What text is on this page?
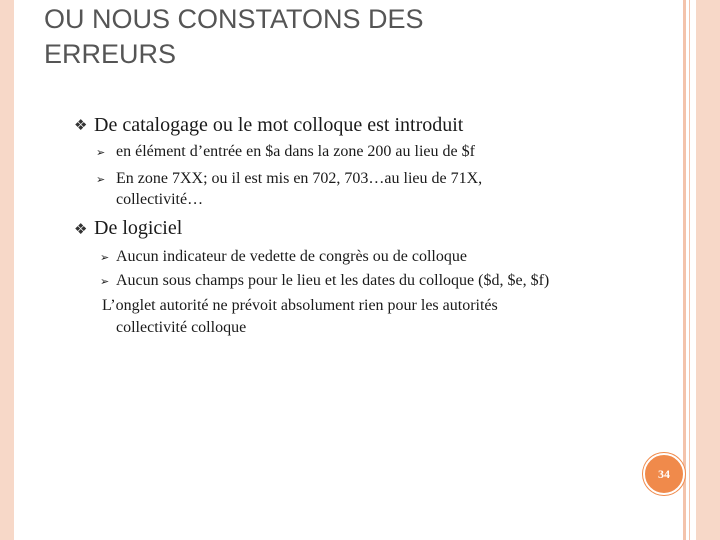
OU NOUS CONSTATONS DES
ERREURS
❖ De catalogage ou le mot colloque est introduit
➢ en élément d’entrée en $a dans la zone 200 au lieu de $f
➢ En zone 7XX; ou il est mis en 702, 703…au lieu de 71X,
collectivité…
❖ De logiciel
➢ Aucun indicateur de vedette de congrès ou de colloque
➢ Aucun sous champs pour le lieu et les dates du colloque ($d, $e, $f)
L’onglet autorité ne prévoit absolument rien pour les autorités
collectivité colloque
34
